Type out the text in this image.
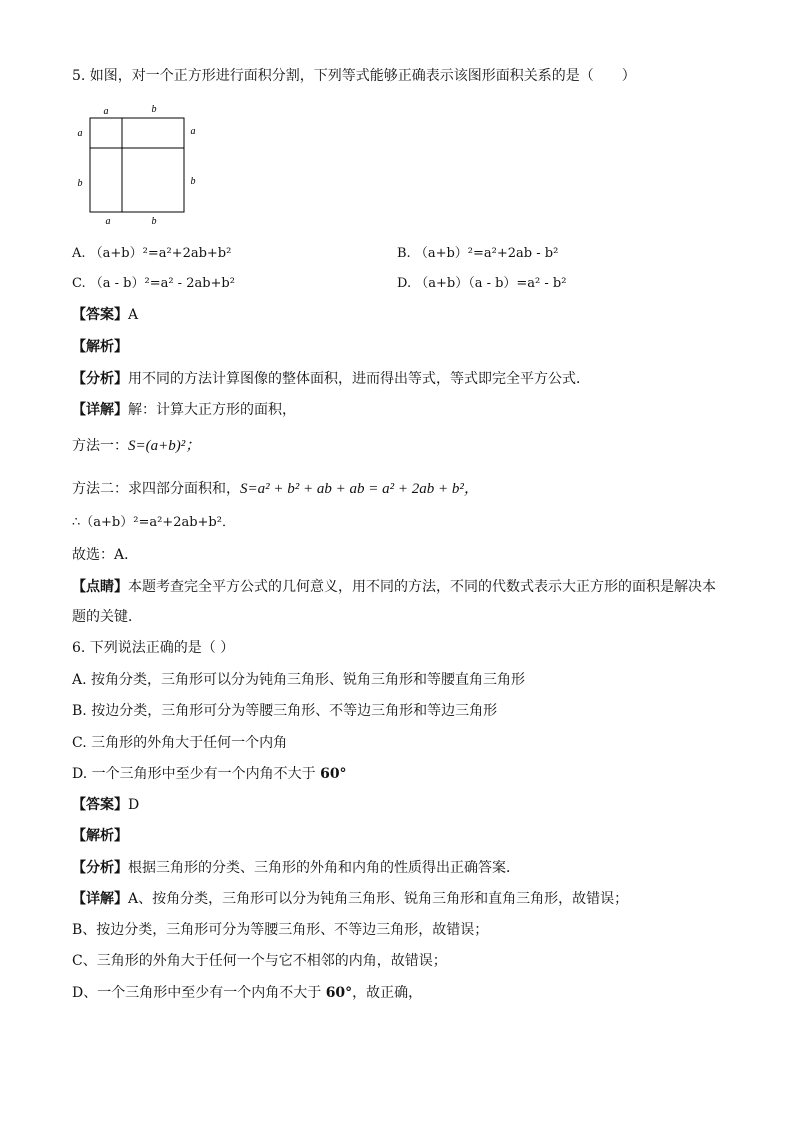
5. 如图，对一个正方形进行面积分割，下列等式能够正确表示该图形面积关系的是（　　）
a	b
a
b
a
b
a	b
A. （a+b）²=a²+2ab+b²	B. （a+b）²=a²+2ab - b²
C. （a - b）²=a² - 2ab+b²	D. （a+b）（a - b）=a² - b²
【答案】A
【解析】
【分析】用不同的方法计算图像的整体面积，进而得出等式，等式即完全平方公式．
【详解】解：计算大正方形的面积，
方法一：S=(a+b)²；
方法二：求四部分面积和，S=a² + b² + ab + ab = a² + 2ab + b²，
∴（a+b）²=a²+2ab+b²．
故选：A．
【点睛】本题考查完全平方公式的几何意义，用不同的方法，不同的代数式表示大正方形的面积是解决本
题的关键．
6. 下列说法正确的是（ ）
A. 按角分类，三角形可以分为钝角三角形、锐角三角形和等腰直角三角形
B. 按边分类，三角形可分为等腰三角形、不等边三角形和等边三角形
C. 三角形的外角大于任何一个内角
D. 一个三角形中至少有一个内角不大于 60°
【答案】D
【解析】
【分析】根据三角形的分类、三角形的外角和内角的性质得出正确答案．
【详解】A、按角分类，三角形可以分为钝角三角形、锐角三角形和直角三角形，故错误；
B、按边分类，三角形可分为等腰三角形、不等边三角形，故错误；
C、三角形的外角大于任何一个与它不相邻的内角，故错误；
D、一个三角形中至少有一个内角不大于 60°，故正确，
